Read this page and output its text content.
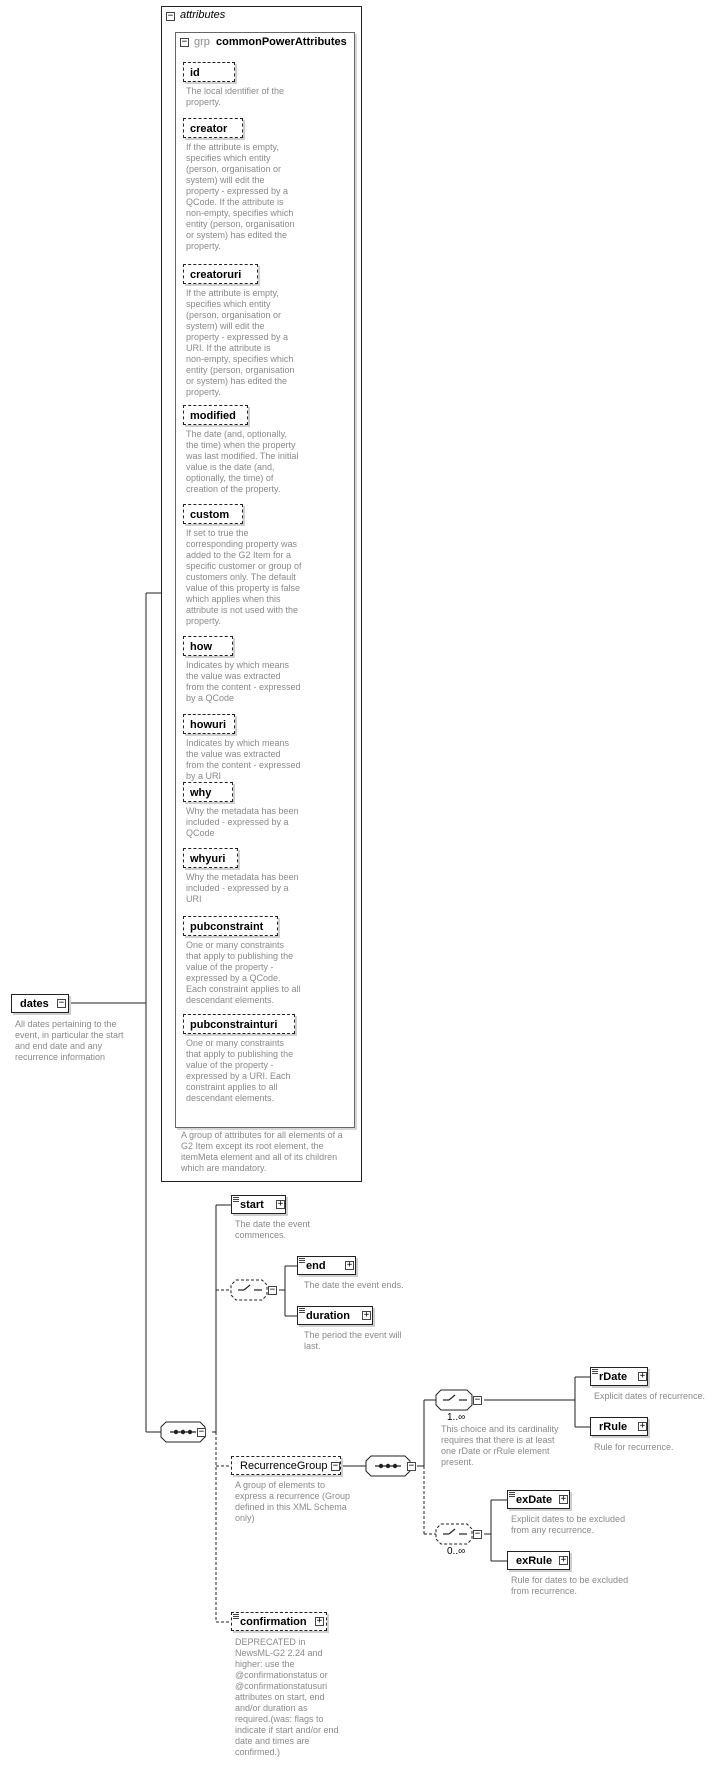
− attributes
− grp commonPowerAttributes
A group of attributes for all elements of a
G2 Item except its root element, the
itemMeta element and all of its children
which are mandatory.
id
The local identifier of the
property.
creator
If the attribute is empty,
specifies which entity
(person, organisation or
system) will edit the
property - expressed by a
QCode. If the attribute is
non-empty, specifies which
entity (person, organisation
or system) has edited the
property.
creatoruri
If the attribute is empty,
specifies which entity
(person, organisation or
system) will edit the
property - expressed by a
URI. If the attribute is
non-empty, specifies which
entity (person, organisation
or system) has edited the
property.
modified
The date (and, optionally,
the time) when the property
was last modified. The initial
value is the date (and,
optionally, the time) of
creation of the property.
custom
If set to true the
corresponding property was
added to the G2 Item for a
specific customer or group of
customers only. The default
value of this property is false
which applies when this
attribute is not used with the
property.
how
Indicates by which means
the value was extracted
from the content - expressed
by a QCode
howuri
Indicates by which means
the value was extracted
from the content - expressed
by a URI
why
Why the metadata has been
included - expressed by a
QCode
whyuri
Why the metadata has been
included - expressed by a
URI
pubconstraint
One or many constraints
that apply to publishing the
value of the property -
expressed by a QCode.
Each constraint applies to all
descendant elements.
pubconstrainturi
One or many constraints
that apply to publishing the
value of the property -
expressed by a URI. Each
constraint applies to all
descendant elements.
dates	−
All dates pertaining to the
event, in particular the start
and end date and any
recurrence information
−
−
−
−
−
start	+
The date the event
commences.
end	+
The date the event ends.
duration	+
The period the event will
last.
RecurrenceGroup −
A group of elements to
express a recurrence (Group
defined in this XML Schema
only)
confirmation	+
DEPRECATED in
NewsML-G2 2.24 and
higher: use the
@confirmationstatus or
@confirmationstatusuri
attributes on start, end
and/or duration as
required.(was: flags to
indicate if start and/or end
date and times are
confirmed.)
rDate	+
Explicit dates of recurrence.
rRule	+
Rule for recurrence.
exDate +
Explicit dates to be excluded
from any recurrence.
exRule +
Rule for dates to be excluded
from recurrence.
1..∞
This choice and its cardinality
requires that there is at least
one rDate or rRule element
present.
0..∞
